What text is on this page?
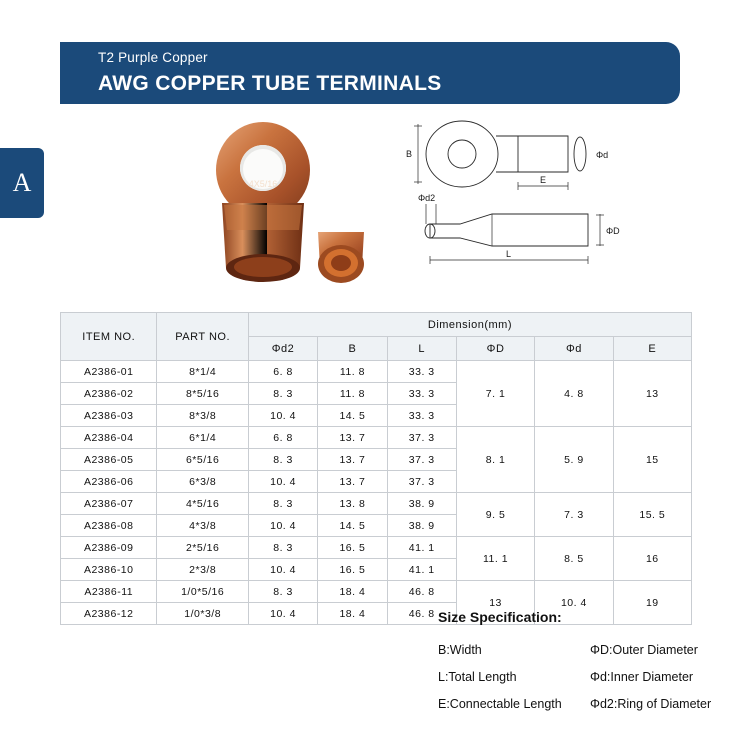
T2 Purple Copper
AWG COPPER TUBE TERMINALS
A	4X5/16
B	Φd
E
Φd2
ΦD
L
ITEM NO.	PART NO.	Dimension(mm)					
		Φd2	B	L	ΦD	Φd	E
A2386-01	8*1/4	6. 8	11. 8	33. 3	7. 1	4. 8	13
A2386-02	8*5/16	8. 3	11. 8	33. 3			
A2386-03	8*3/8	10. 4	14. 5	33. 3			
A2386-04	6*1/4	6. 8	13. 7	37. 3	8. 1	5. 9	15
A2386-05	6*5/16	8. 3	13. 7	37. 3			
A2386-06	6*3/8	10. 4	13. 7	37. 3			
A2386-07	4*5/16	8. 3	13. 8	38. 9	9. 5	7. 3	15. 5
A2386-08	4*3/8	10. 4	14. 5	38. 9			
A2386-09	2*5/16	8. 3	16. 5	41. 1	11. 1	8. 5	16
A2386-10	2*3/8	10. 4	16. 5	41. 1			
A2386-11	1/0*5/16	8. 3	18. 4	46. 8	13	10. 4	19
A2386-12	1/0*3/8	10. 4	18. 4	46. 8			Size Specification:
B:Width	ΦD:Outer Diameter
L:Total Length	Φd:Inner Diameter
E:Connectable Length	Φd2:Ring of Diameter
